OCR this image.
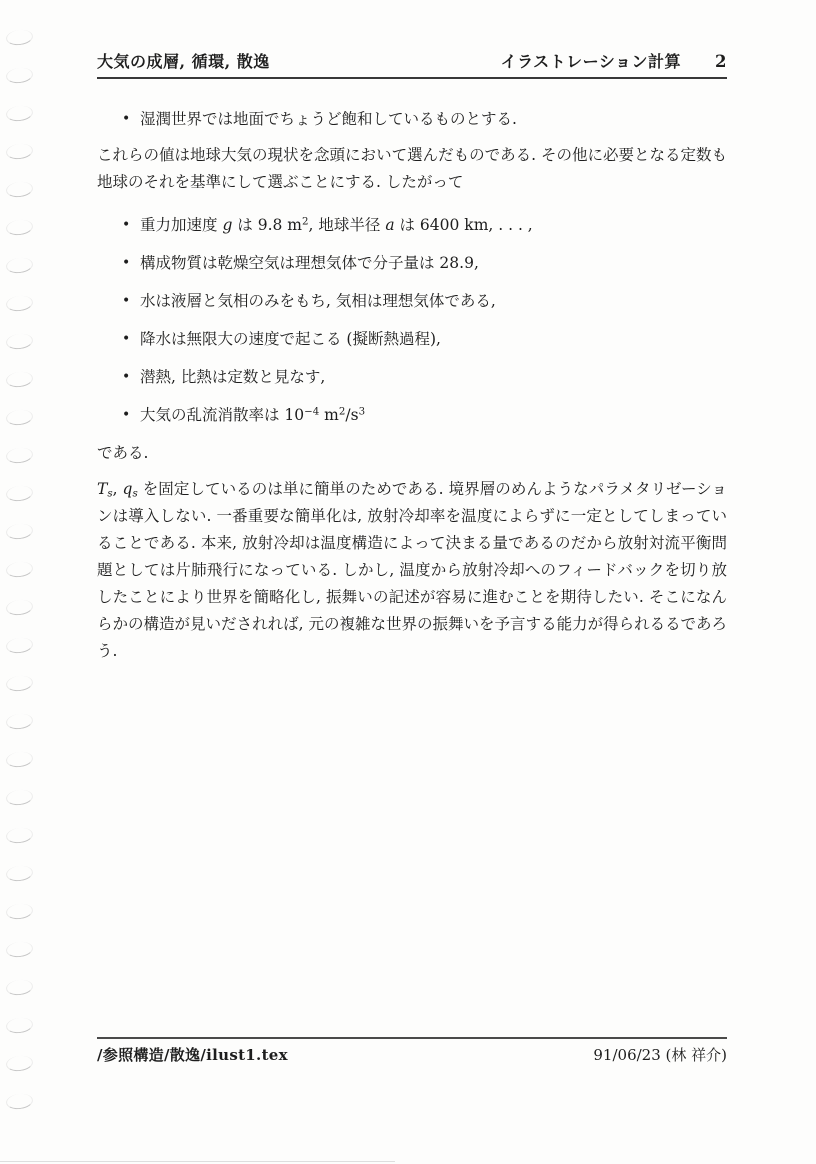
大気の成層, 循環, 散逸	イラストレーション計算 2
• 湿潤世界では地面でちょうど飽和しているものとする.

これらの値は地球大気の現状を念頭において選んだものである. その他に必要となる定数も地球のそれを基準にして選ぶことにする. したがって

• 重力加速度 g は 9.8 $m^2$, 地球半径 a は 6400 km, . . . ,
• 構成物質は乾燥空気は理想気体で分子量は 28.9,
• 水は液層と気相のみをもち, 気相は理想気体である,
• 降水は無限大の速度で起こる (擬断熱過程),
• 潜熱, 比熱は定数と見なす,
• 大気の乱流消散率は $10^{-4}$ $m^2/s^3$
である.

$T_s$, $q_s$ を固定しているのは単に簡単のためである. 境界層のめんようなパラメタリゼーションは導入しない. 一番重要な簡単化は, 放射冷却率を温度によらずに一定としてしまっていることである. 本来, 放射冷却は温度構造によって決まる量であるのだから放射対流平衡問題としては片肺飛行になっている. しかし, 温度から放射冷却へのフィードバックを切り放したことにより世界を簡略化し, 振舞いの記述が容易に進むことを期待したい. そこになんらかの構造が見いだされれば, 元の複雑な世界の振舞いを予言する能力が得られるるであろう.

/参照構造/散逸/ilust1.tex	91/06/23 (林 祥介)
